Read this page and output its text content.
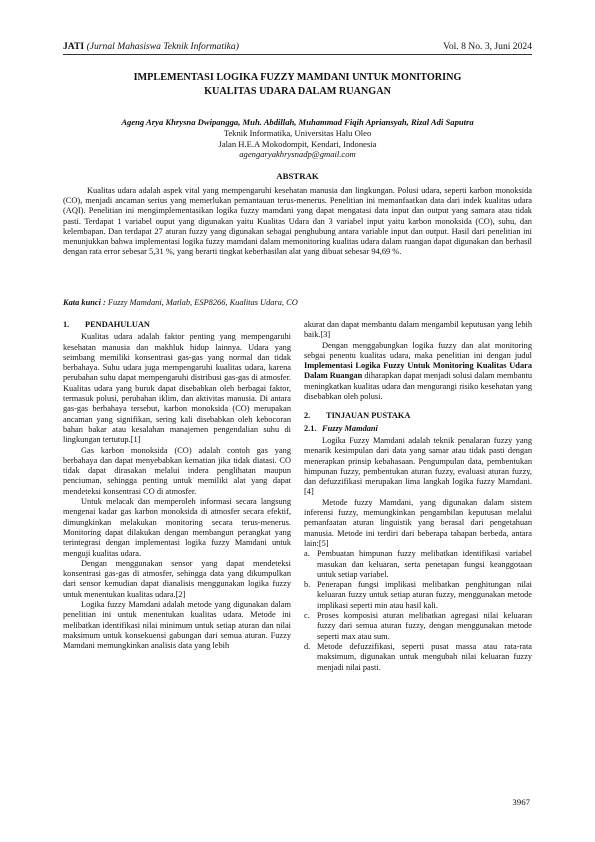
JATI (Jurnal Mahasiswa Teknik Informatika)	Vol. 8 No. 3, Juni 2024
IMPLEMENTASI LOGIKA FUZZY MAMDANI UNTUK MONITORING
KUALITAS UDARA DALAM RUANGAN
Ageng Arya Khrysna Dwipangga, Muh. Abdillah, Muhammad Fiqih Apriansyah, Rizal Adi Saputra
Teknik Informatika, Universitas Halu Oleo
Jalan H.E.A Mokodompit, Kendari, Indonesia
agengaryakhrysnadp@gmail.com
ABSTRAK

Kualitas udara adalah aspek vital yang mempengaruhi kesehatan manusia dan lingkungan. Polusi udara, seperti karbon monoksida (CO), menjadi ancaman serius yang memerlukan pemantauan terus-menerus. Penelitian ini memanfaatkan data dari indek kualitas udara (AQI). Penelitian ini mengimplementasikan logika fuzzy mamdani yang dapat mengatasi data input dan output yang samara atau tidak pasti. Terdapat 1 variabel ouput yang digunakan yaitu Kualitas Udara dan 3 variabel input yaitu karbon monoksida (CO), suhu, dan kelembapan. Dan terdapat 27 aturan fuzzy yang digunakan sebagai penghubung antara variable input dan output. Hasil dari penelitian ini menunjukkan bahwa implementasi logika fuzzy mamdani dalam memonitoring kualitas udara dalam ruangan dapat digunakan dan berhasil dengan rata error sebesar 5,31 %, yang berarti tingkat keberhasilan alat yang dibuat sebesar 94,69 %.

Kata kunci : Fuzzy Mamdani, Matlab, ESP8266, Kualitas Udara, CO
1.	PENDAHULUAN

Kualitas udara adalah faktor penting yang mempengaruhi kesehatan manusia dan makhluk hidup lainnya. Udara yang seimbang memiliki konsentrasi gas-gas yang normal dan tidak berbahaya. Suhu udara juga mempengaruhi kualitas udara, karena perubahan suhu dapat mempengaruhi distribusi gas-gas di atmosfer. Kualitas udara yang buruk dapat disebabkan oleh berbagai faktor, termasuk polusi, perubahan iklim, dan aktivitas manusia. Di antara gas-gas berbahaya tersebut, karbon monoksida (CO) merupakan ancaman yang signifikan, sering kali disebabkan oleh kebocoran bahan bakar atau kesalahan manajemen pengendalian suhu di lingkungan tertutup.[1]

Gas karbon monoksida (CO) adalah contoh gas yang berbahaya dan dapat menyebabkan kematian jika tidak diatasi. CO tidak dapat dirasakan melalui indera penglihatan maupun penciuman, sehingga penting untuk memiliki alat yang dapat mendeteksi konsentrasi CO di atmosfer.

Untuk melacak dan memperoleh informasi secara langsung mengenai kadar gas karbon monoksida di atmosfer secara efektif, dimungkinkan melakukan monitoring secara terus-menerus. Monitoring dapat dilakukan dengan membangun perangkat yang terintegrasi dengan implementasi logika fuzzy Mamdani untuk menguji kualitas udara.

Dengan menggunakan sensor yang dapat mendeteksi konsentrasi gas-gas di atmosfer, sehingga data yang dikumpulkan dari sensor kemudian dapat dianalisis menggunakan logika fuzzy untuk menentukan kualitas udara.[2]

Logika fuzzy Mamdani adalah metode yang digunakan dalam penelitian ini untuk menentukan kualitas udara. Metode ini melibatkan identifikasi nilai minimum untuk setiap aturan dan nilai maksimum untuk konsekuensi gabungan dari semua aturan. Fuzzy Mamdani memungkinkan analisis data yang lebih

akurat dan dapat membantu dalam mengambil keputusan yang lebih baik.[3]

Dengan menggabungkan logika fuzzy dan alat monitoring sebgai penentu kualitas udara, maka penelitian ini dengan judul Implementasi Logika Fuzzy Untuk Monitoring Kualitas Udara Dalam Ruangan diharapkan dapat menjadi solusi dalam membantu meningkatkan kualitas udara dan mengurangi risiko kesehatan yang disebabkan oleh polusi.

2.	TINJAUAN PUSTAKA
2.1. Fuzzy Mamdani

Logika Fuzzy Mamdani adalah teknik penalaran fuzzy yang menarik kesimpulan dari data yang samar atau tidak pasti dengan menerapkan prinsip kebahasaan. Pengumpulan data, pembentukan himpunan fuzzy, pembentukan aturan fuzzy, evaluasi aturan fuzzy, dan defuzzifikasi merupakan lima langkah logika fuzzy Mamdani.[4]

Metode fuzzy Mamdani, yang digunakan dalam sistem inferensi fuzzy, memungkinkan pengambilan keputusan melalui pemanfaatan aturan linguistik yang berasal dari pengetahuan manusia. Metode ini terdiri dari beberapa tahapan berbeda, antara lain:[5]

a. Pembuatan himpunan fuzzy melibatkan identifikasi variabel masukan dan keluaran, serta penetapan fungsi keanggotaan untuk setiap variabel.
b. Penerapan fungsi implikasi melibatkan penghitungan nilai keluaran fuzzy untuk setiap aturan fuzzy, menggunakan metode implikasi seperti min atau hasil kali.
c. Proses komposisi aturan melibatkan agregasi nilai keluaran fuzzy dari semua aturan fuzzy, dengan menggunakan metode seperti max atau sum.
d. Metode defuzzifikasi, seperti pusat massa atau rata-rata maksimum, digunakan untuk mengubah nilai keluaran fuzzy menjadi nilai pasti.
3967
